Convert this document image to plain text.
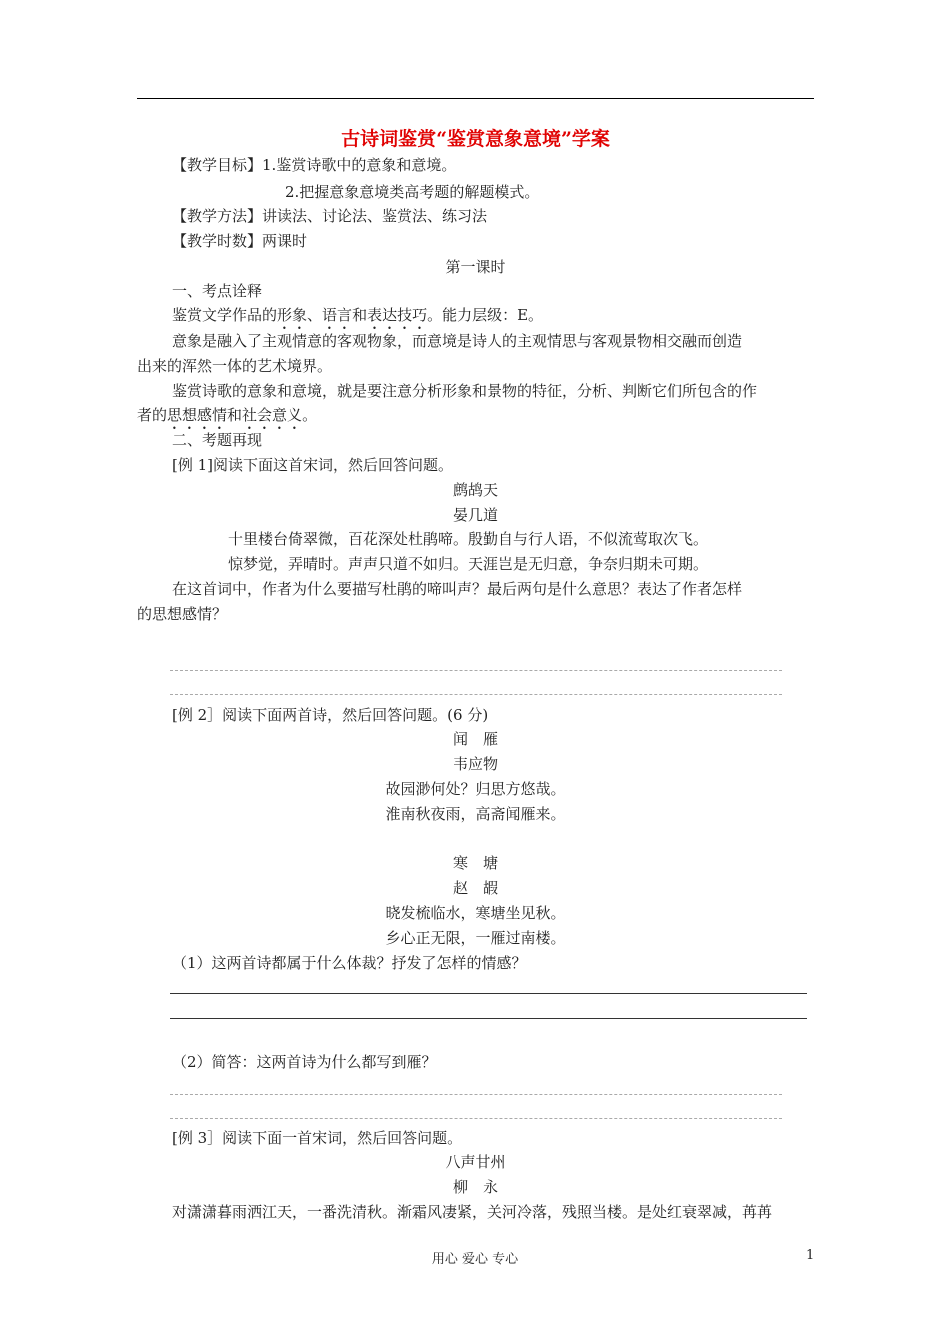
古诗词鉴赏“鉴赏意象意境”学案
【教学目标】1.鉴赏诗歌中的意象和意境。
2.把握意象意境类高考题的解题模式。
【教学方法】讲读法、讨论法、鉴赏法、练习法
【教学时数】两课时
第一课时
一、考点诠释
鉴赏文学作品的形象、语言和表达技巧。能力层级：E。
意象是融入了主观情意的客观物象，而意境是诗人的主观情思与客观景物相交融而创造
出来的浑然一体的艺术境界。
鉴赏诗歌的意象和意境，就是要注意分析形象和景物的特征，分析、判断它们所包含的作
者的思想感情和社会意义。
二、考题再现
[例 1]阅读下面这首宋词，然后回答问题。
鹧鸪天
晏几道
十里楼台倚翠微，百花深处杜鹃啼。殷勤自与行人语，不似流莺取次飞。
惊梦觉，弄晴时。声声只道不如归。天涯岂是无归意，争奈归期未可期。
在这首词中，作者为什么要描写杜鹃的啼叫声？最后两句是什么意思？表达了作者怎样
的思想感情？
[例 2］阅读下面两首诗，然后回答问题。(6 分)
闻　雁
韦应物
故园渺何处？归思方悠哉。
淮南秋夜雨，高斋闻雁来。
寒　塘
赵　嘏
晓发梳临水，寒塘坐见秋。
乡心正无限，一雁过南楼。
（1）这两首诗都属于什么体裁？抒发了怎样的情感？
（2）简答：这两首诗为什么都写到雁？
[例 3］阅读下面一首宋词，然后回答问题。
八声甘州
柳　永
对潇潇暮雨洒江天，一番洗清秋。渐霜风凄紧，关河冷落，残照当楼。是处红衰翠减，苒苒
用心 爱心 专心	1
